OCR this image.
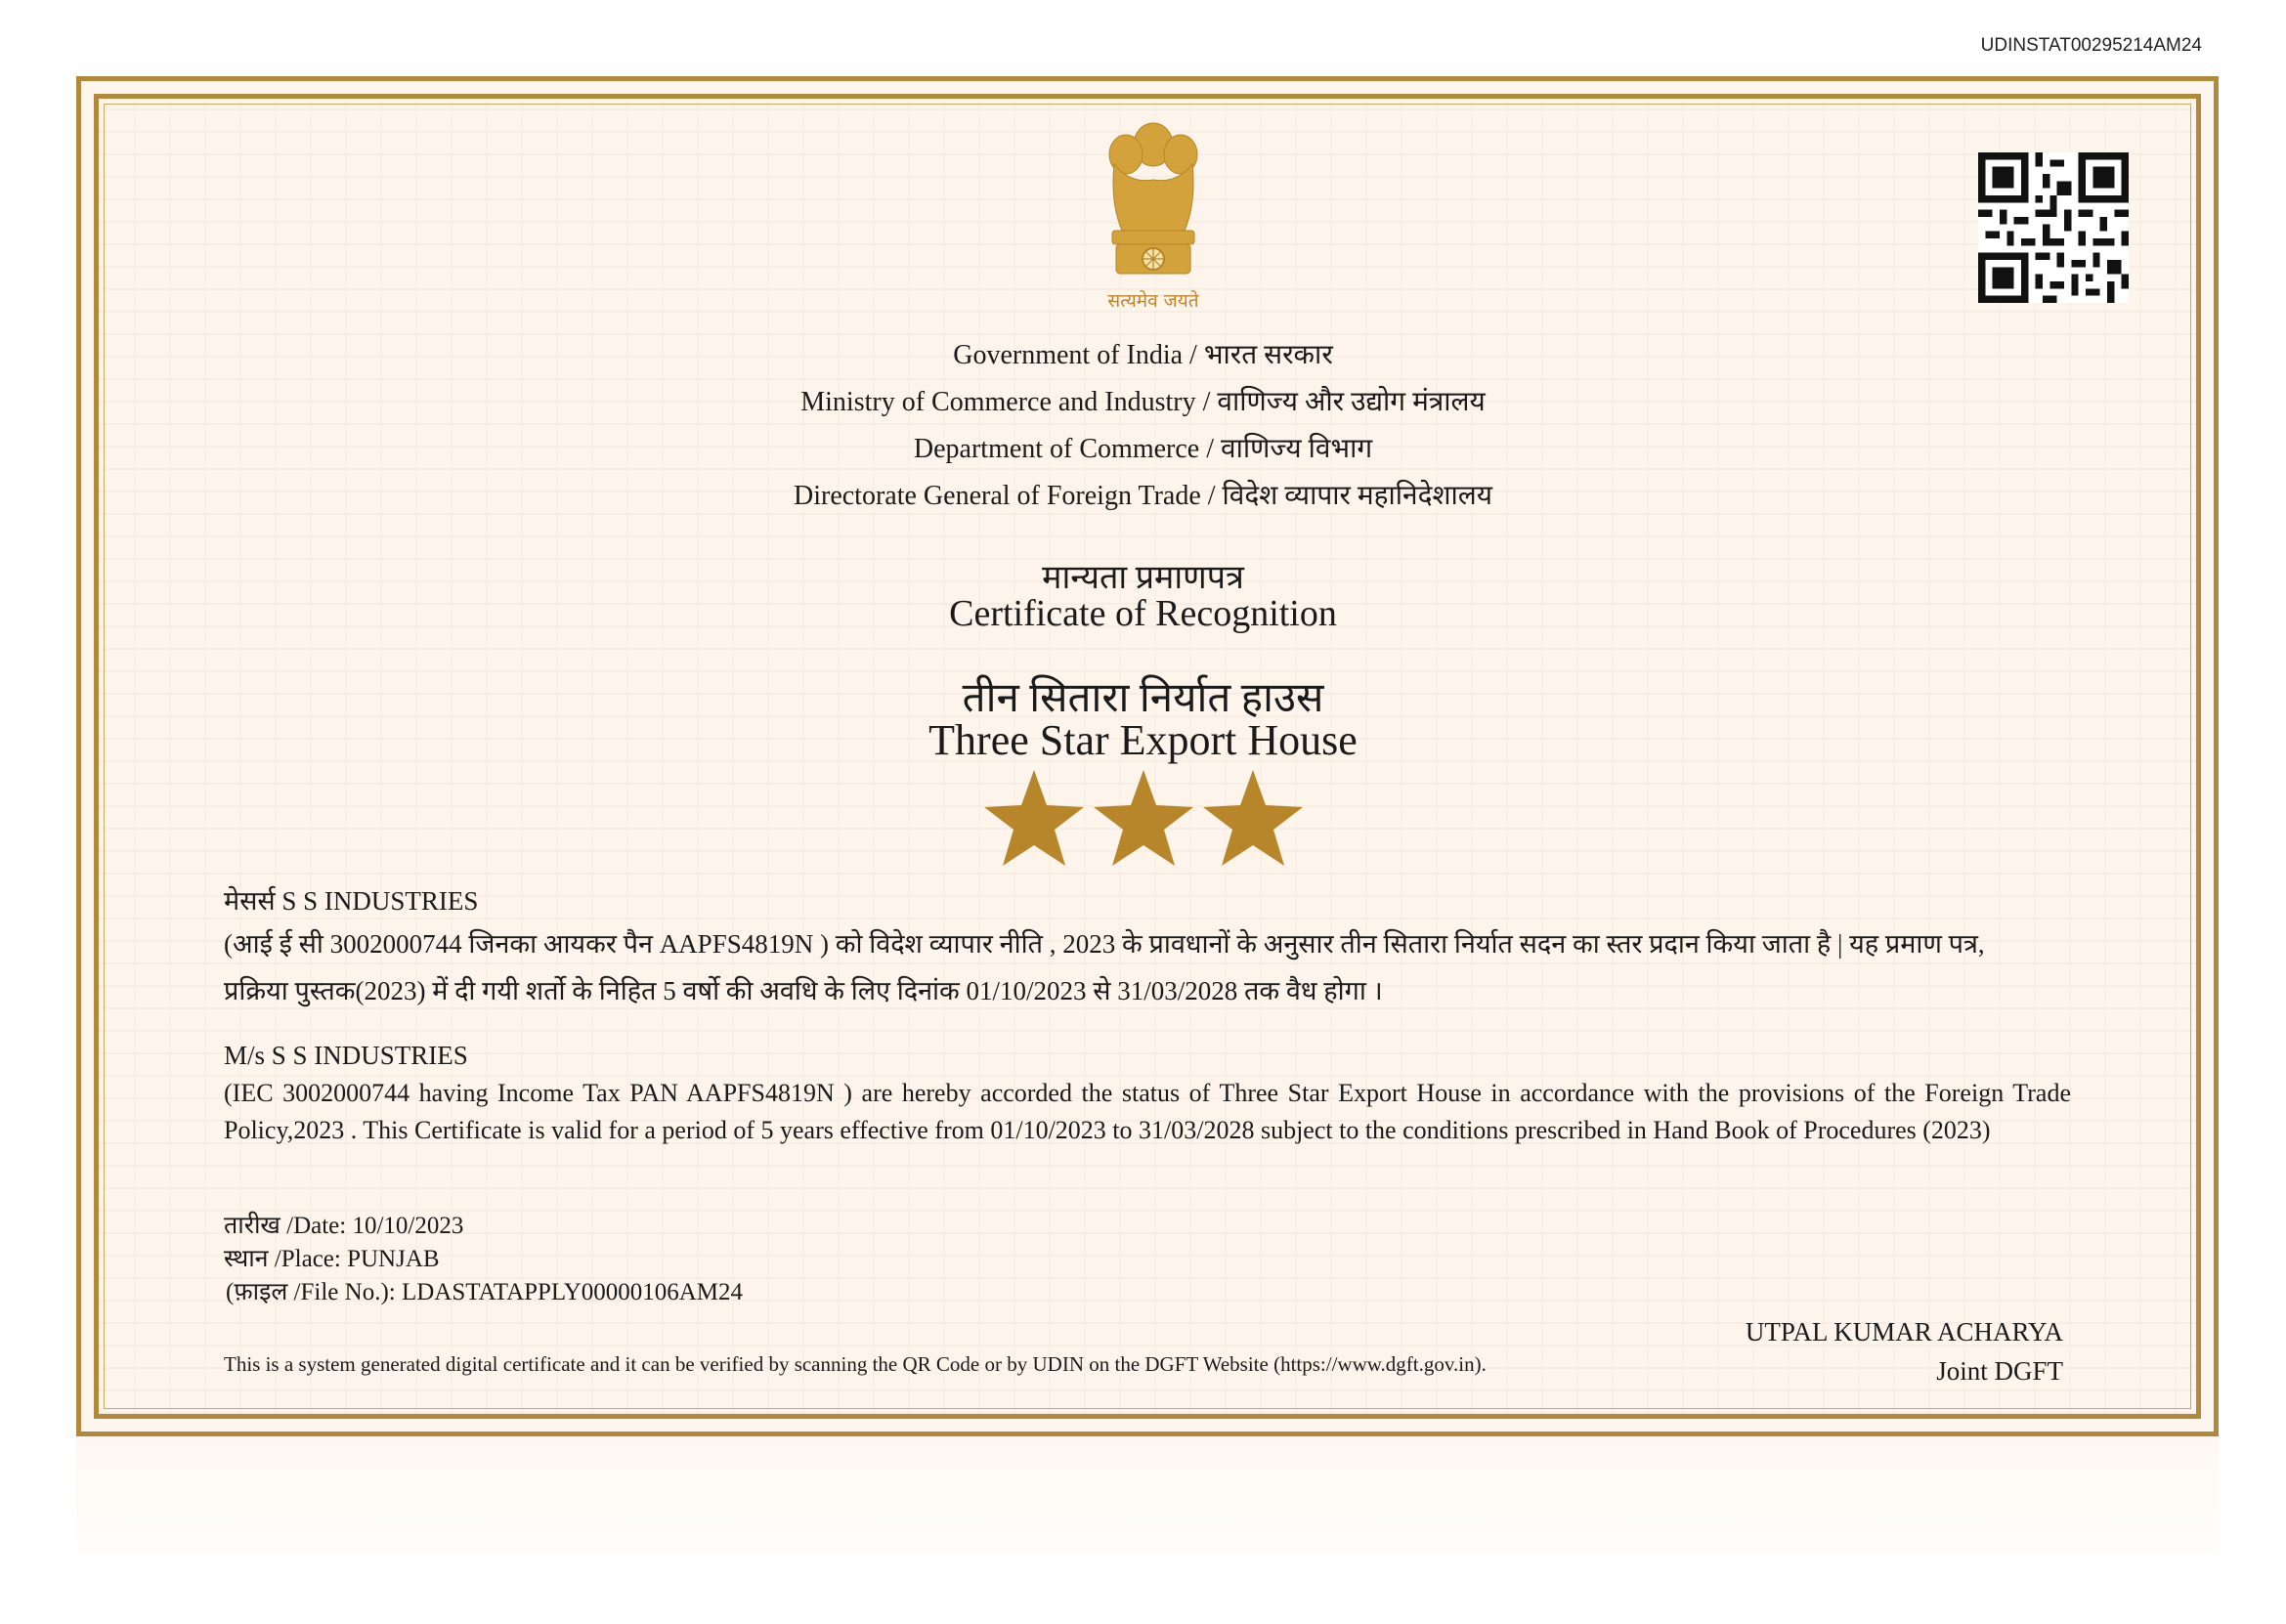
UDINSTAT00295214AM24
सत्यमेव जयते
Government of India / भारत सरकार
Ministry of Commerce and Industry / वाणिज्य और उद्योग मंत्रालय
Department of Commerce / वाणिज्य विभाग
Directorate General of Foreign Trade / विदेश व्यापार महानिदेशालय
मान्यता प्रमाणपत्र
Certificate of Recognition
तीन सितारा निर्यात हाउस
Three Star Export House
मेसर्स S S INDUSTRIES
(आई ई सी 3002000744 जिनका आयकर पैन AAPFS4819N ) को विदेश व्यापार नीति , 2023 के प्रावधानों के अनुसार तीन सितारा निर्यात सदन का स्तर प्रदान किया जाता है | यह प्रमाण पत्र,
प्रक्रिया पुस्तक(2023) में दी गयी शर्तो के निहित 5 वर्षो की अवधि के लिए दिनांक 01/10/2023 से 31/03/2028 तक वैध होगा ।
M/s S S INDUSTRIES
(IEC 3002000744 having Income Tax PAN AAPFS4819N ) are hereby accorded the status of Three Star Export House in accordance with the provisions of the Foreign Trade Policy,2023 . This Certificate is valid for a period of 5 years effective from 01/10/2023 to 31/03/2028 subject to the conditions prescribed in Hand Book of Procedures (2023)
तारीख /Date: 10/10/2023
स्थान /Place: PUNJAB
(फ़ाइल /File No.): LDASTATAPPLY00000106AM24
UTPAL KUMAR ACHARYA
Joint DGFT
This is a system generated digital certificate and it can be verified by scanning the QR Code or by UDIN on the DGFT Website (https://www.dgft.gov.in).
